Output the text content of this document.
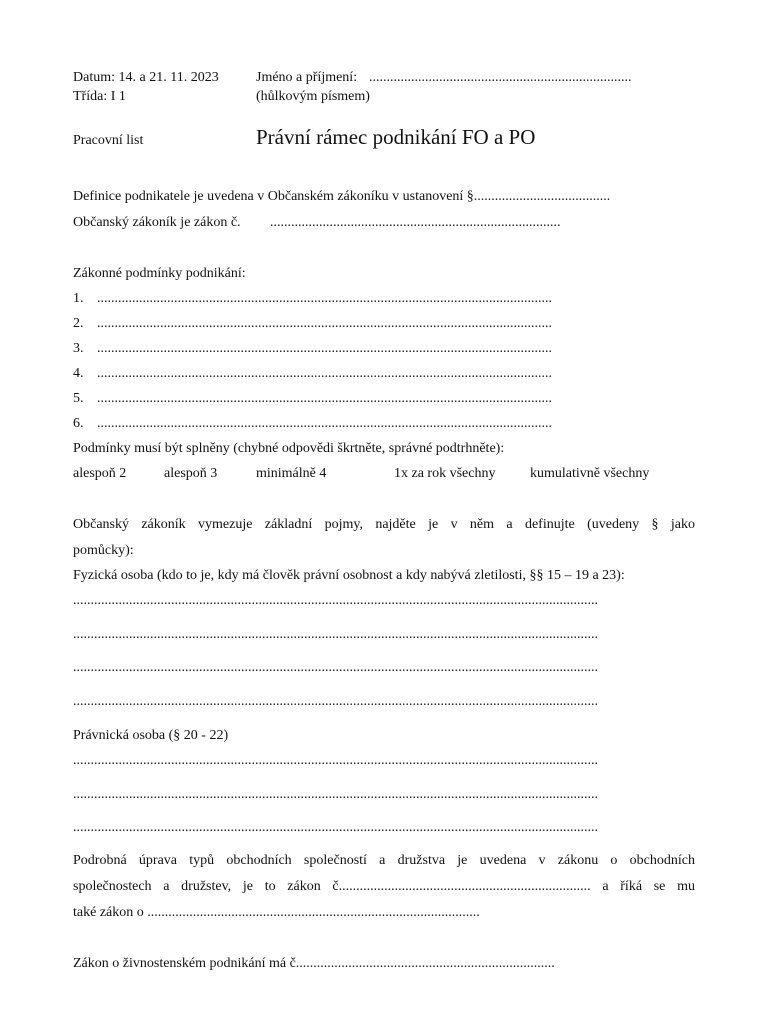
Datum: 14. a 21. 11. 2023
Třída: I 1
Jméno a příjmení: ...........................................................................
(hůlkovým písmem)
Pracovní list	Právní rámec podnikání FO a PO
Definice podnikatele je uvedena v Občanském zákoníku v ustanovení §.......................................
Občanský zákoník je zákon č. ...................................................................................
Zákonné podmínky podnikání:
1. ..................................................................................................................................
2. ..................................................................................................................................
3. ..................................................................................................................................
4. ..................................................................................................................................
5. ..................................................................................................................................
6. ..................................................................................................................................
Podmínky musí být splněny (chybné odpovědi škrtněte, správné podtrhněte):
alespoň 2	alespoň 3	minimálně 4	1x za rok všechny kumulativně všechny
Občanský zákoník vymezuje základní pojmy, najděte je v něm a definujte (uvedeny § jako
pomůcky):
Fyzická osoba (kdo to je, kdy má člověk právní osobnost a kdy nabývá zletilosti, §§ 15 – 19 a 23):
......................................................................................................................................................
......................................................................................................................................................
......................................................................................................................................................
......................................................................................................................................................
Právnická osoba (§ 20 - 22)
......................................................................................................................................................
......................................................................................................................................................
......................................................................................................................................................
Podrobná úprava typů obchodních společností a družstva je uvedena v zákonu o obchodních
společnostech a družstev, je to zákon č........................................................................ a říká se mu
také zákon o ...............................................................................................
Zákon o živnostenském podnikání má č..........................................................................
